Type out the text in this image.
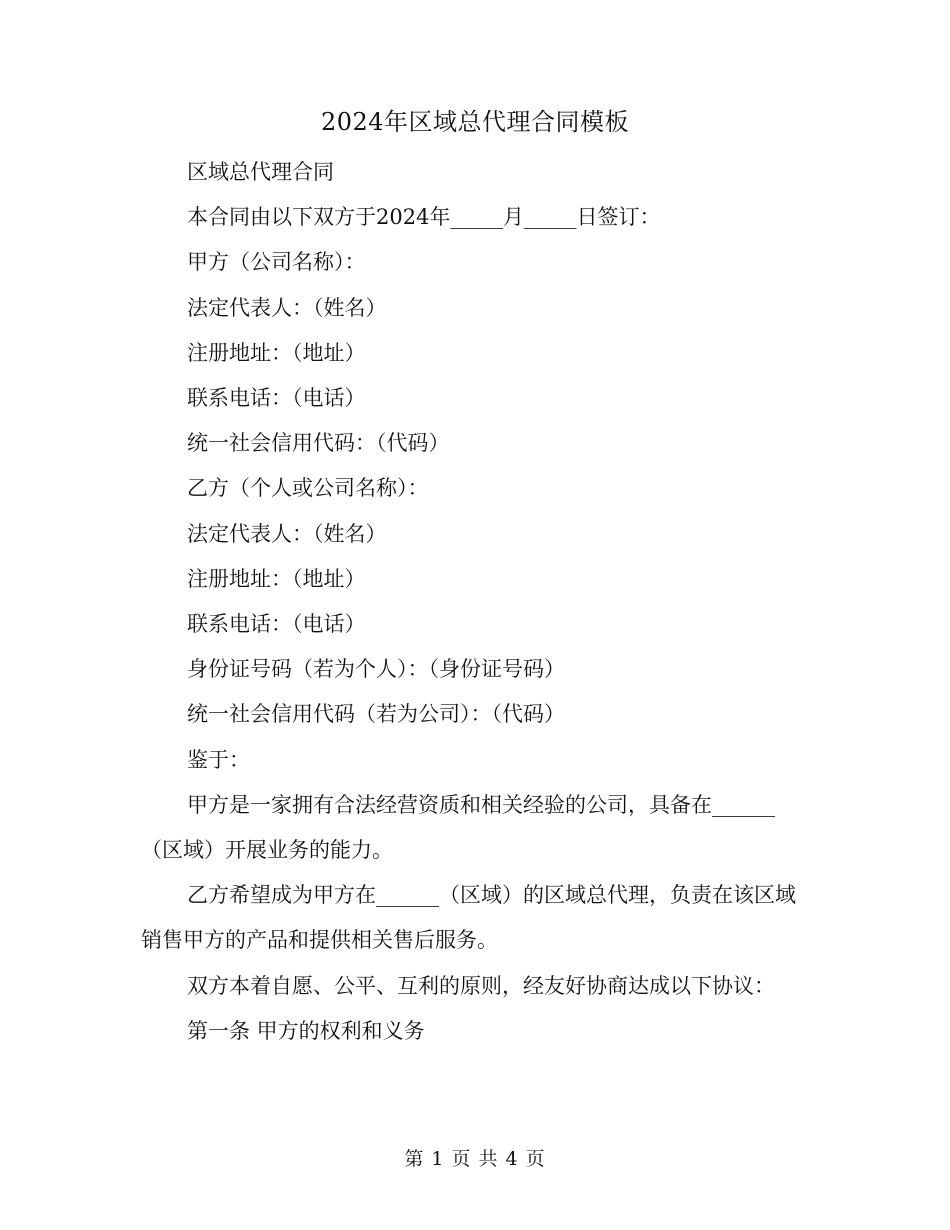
2024年区域总代理合同模板

区域总代理合同

本合同由以下双方于2024年_____月_____日签订：

甲方（公司名称）：

法定代表人：（姓名）

注册地址：（地址）

联系电话：（电话）

统一社会信用代码：（代码）

乙方（个人或公司名称）：

法定代表人：（姓名）

注册地址：（地址）

联系电话：（电话）

身份证号码（若为个人）：（身份证号码）

统一社会信用代码（若为公司）：（代码）

鉴于：

甲方是一家拥有合法经营资质和相关经验的公司，具备在______（区域）开展业务的能力。

乙方希望成为甲方在______（区域）的区域总代理，负责在该区域销售甲方的产品和提供相关售后服务。

双方本着自愿、公平、互利的原则，经友好协商达成以下协议：

第一条 甲方的权利和义务

第 1 页 共 4 页
